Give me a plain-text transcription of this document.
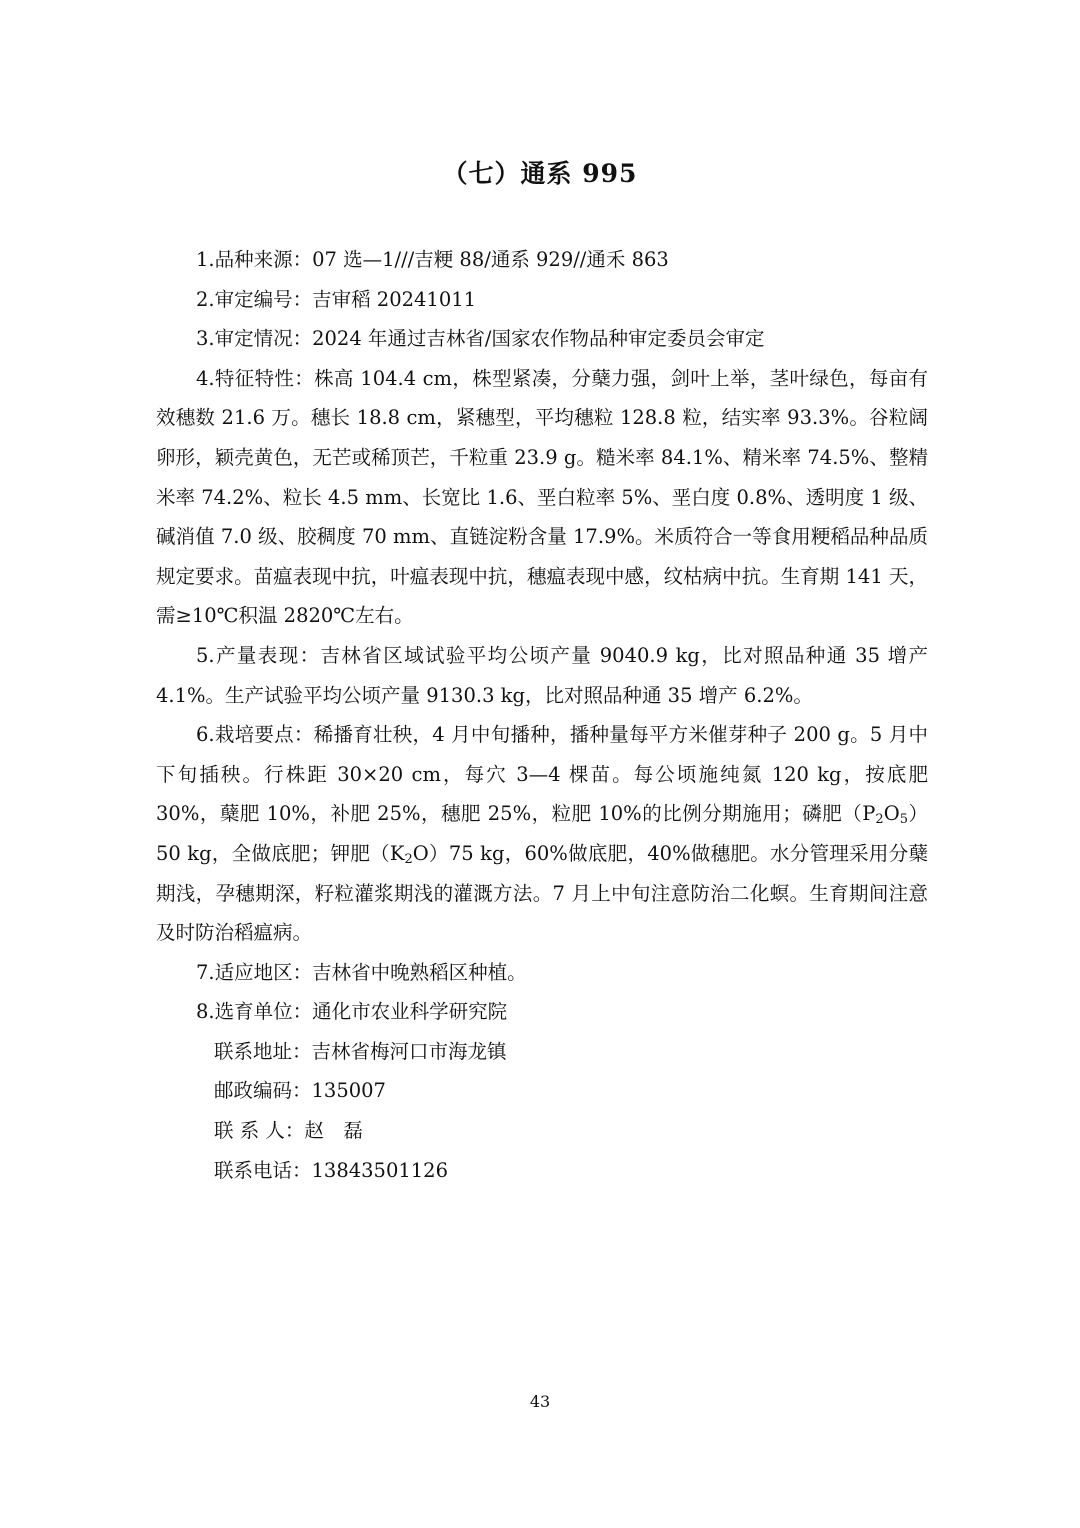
（七）通系 995

1.品种来源：07 选—1///吉粳 88/通系 929//通禾 863

2.审定编号：吉审稻 20241011

3.审定情况：2024 年通过吉林省/国家农作物品种审定委员会审定

4.特征特性：株高 104.4 cm，株型紧凑，分蘖力强，剑叶上举，茎叶绿色，每亩有效穗数 21.6 万。穗长 18.8 cm，紧穗型，平均穗粒 128.8 粒，结实率 93.3%。谷粒阔卵形，颖壳黄色，无芒或稀顶芒，千粒重 23.9 g。糙米率 84.1%、精米率 74.5%、整精米率 74.2%、粒长 4.5 mm、长宽比 1.6、垩白粒率 5%、垩白度 0.8%、透明度 1 级、碱消值 7.0 级、胶稠度 70 mm、直链淀粉含量 17.9%。米质符合一等食用粳稻品种品质规定要求。苗瘟表现中抗，叶瘟表现中抗，穗瘟表现中感，纹枯病中抗。生育期 141 天，需≥10℃积温 2820℃左右。

5.产量表现：吉林省区域试验平均公顷产量 9040.9 kg，比对照品种通 35 增产 4.1%。生产试验平均公顷产量 9130.3 kg，比对照品种通 35 增产 6.2%。

6.栽培要点：稀播育壮秧，4 月中旬播种，播种量每平方米催芽种子 200 g。5 月中下旬插秧。行株距 30×20 cm，每穴 3—4 棵苗。每公顷施纯氮 120 kg，按底肥 30%，蘖肥 10%，补肥 25%，穗肥 25%，粒肥 10%的比例分期施用；磷肥$(P_2O_5)50$ kg，全做底肥；钾肥$(K_2O)75$ kg，60%做底肥，40%做穗肥。水分管理采用分蘖期浅，孕穗期深，籽粒灌浆期浅的灌溉方法。7 月上中旬注意防治二化螟。生育期间注意及时防治稻瘟病。

7.适应地区：吉林省中晚熟稻区种植。

8.选育单位：通化市农业科学研究院

联系地址：吉林省梅河口市海龙镇

邮政编码：135007

联 系 人：赵　磊

联系电话：13843501126

43
